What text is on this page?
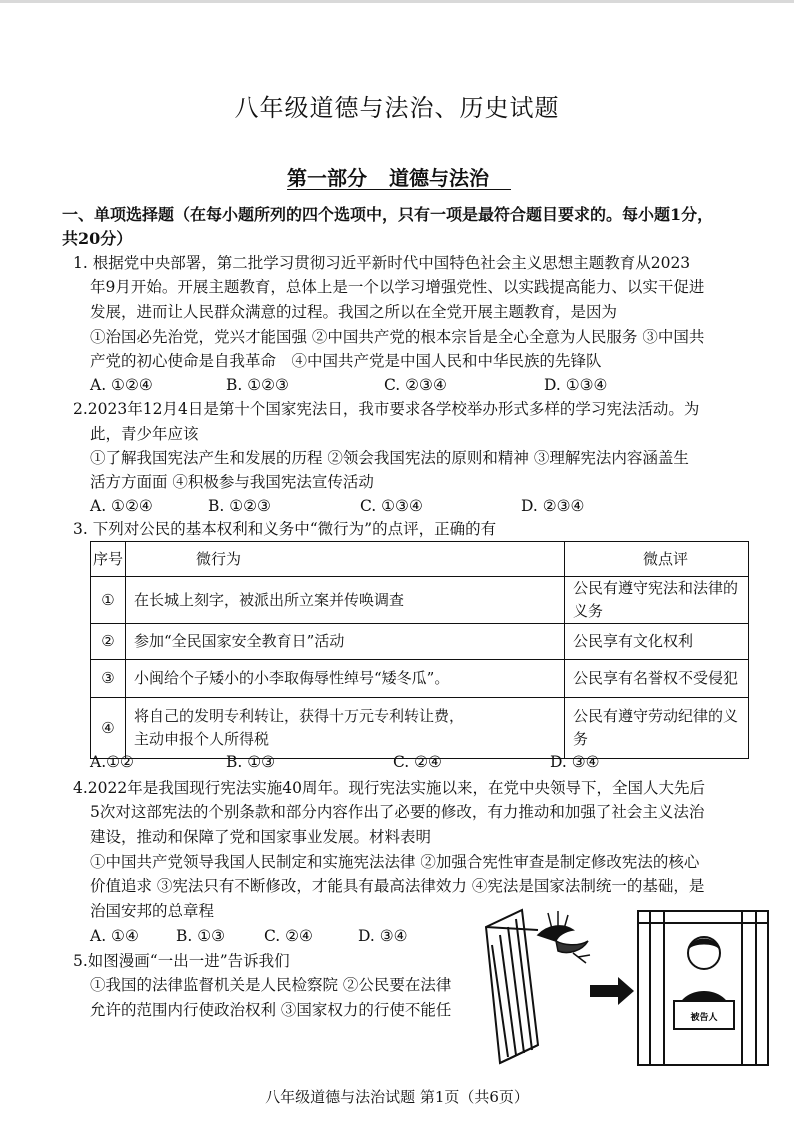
八年级道德与法治、历史试题
第一部分 道德与法治
一、单项选择题（在每小题所列的四个选项中，只有一项是最符合题目要求的。每小题1分，
共20分）
1. 根据党中央部署，第二批学习贯彻习近平新时代中国特色社会主义思想主题教育从2023
年9月开始。开展主题教育，总体上是一个以学习增强党性、以实践提高能力、以实干促进
发展，进而让人民群众满意的过程。我国之所以在全党开展主题教育，是因为
①治国必先治党，党兴才能国强 ②中国共产党的根本宗旨是全心全意为人民服务 ③中国共
产党的初心使命是自我革命　④中国共产党是中国人民和中华民族的先锋队
A. ①②④	B. ①②③	C. ②③④	D. ①③④
2.2023年12月4日是第十个国家宪法日，我市要求各学校举办形式多样的学习宪法活动。为
此，青少年应该
①了解我国宪法产生和发展的历程 ②领会我国宪法的原则和精神 ③理解宪法内容涵盖生
活方方面面 ④积极参与我国宪法宣传活动
A. ①②④	B. ①②③	C. ①③④	D. ②③④
3. 下列对公民的基本权利和义务中“微行为”的点评，正确的有
序号	微行为	微点评
①	在长城上刻字，被派出所立案并传唤调查	公民有遵守宪法和法律的义务
②	参加“全民国家安全教育日”活动	公民享有文化权利
③	小闽给个子矮小的小李取侮辱性绰号“矮冬瓜”。	公民享有名誉权不受侵犯
④	将自己的发明专利转让，获得十万元专利转让费，
主动申报个人所得税	公民有遵守劳动纪律的义务
A.①②	B. ①③	C. ②④	D. ③④
4.2022年是我国现行宪法实施40周年。现行宪法实施以来，在党中央领导下，全国人大先后
5次对这部宪法的个别条款和部分内容作出了必要的修改，有力推动和加强了社会主义法治
建设，推动和保障了党和国家事业发展。材料表明
①中国共产党领导我国人民制定和实施宪法法律 ②加强合宪性审查是制定修改宪法的核心
价值追求 ③宪法只有不断修改，才能具有最高法律效力 ④宪法是国家法制统一的基础，是
治国安邦的总章程
A. ①④ B. ①③	C. ②④	D. ③④
5.如图漫画“一出一进”告诉我们
①我国的法律监督机关是人民检察院 ②公民要在法律
允许的范围内行使政治权利 ③国家权力的行使不能任	被告人
八年级道德与法治试题 第1页（共6页）
